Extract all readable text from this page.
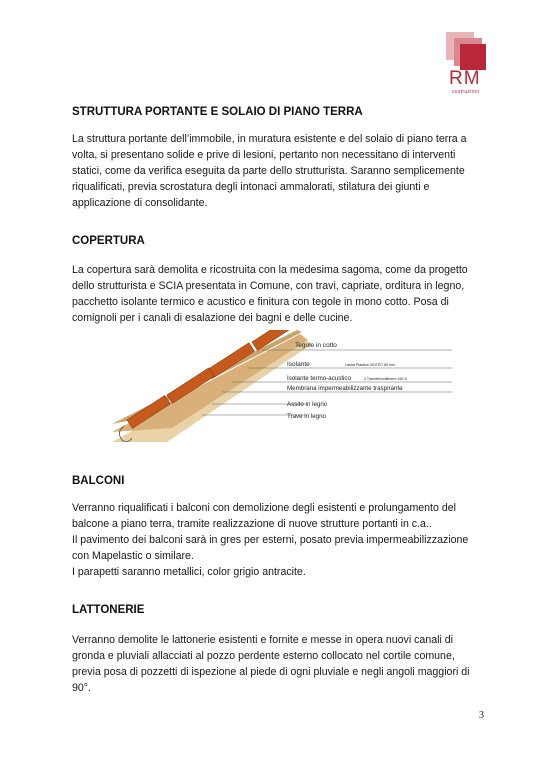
RM
costruzioni
STRUTTURA PORTANTE E SOLAIO DI PIANO TERRA
La struttura portante dell’immobile, in muratura esistente e del solaio di piano terra a
volta, si presentano solide e prive di lesioni, pertanto non necessitano di interventi
statici, come da verifica eseguita da parte dello strutturista. Saranno semplicemente
riqualificati, previa scrostatura degli intonaci ammalorati, stilatura dei giunti e
applicazione di consolidante.
COPERTURA
La copertura sarà demolita e ricostruita con la medesima sagoma, come da progetto
dello strutturista e SCIA presentata in Comune, con travi, capriate, orditura in legno,
pacchetto isolante termico e acustico e finitura con tegole in mono cotto. Posa di
comignoli per i canali di esalazione dei bagni e delle cucine.
Tegole in cotto
Isolante	Lastra Plastica ISOTEC 80 mm
Isolante termo-acustico	2 Travetti/multitherm 160 S
Membrana impermeabilizzante traspirante
Assito in legno
Trave in legno
BALCONI
Verranno riqualificati i balconi con demolizione degli esistenti e prolungamento del
balcone a piano terra, tramite realizzazione di nuove strutture portanti in c.a..
Il pavimento dei balconi sarà in gres per esterni, posato previa impermeabilizzazione
con Mapelastic o similare.
I parapetti saranno metallici, color grigio antracite.
LATTONERIE
Verranno demolite le lattonerie esistenti e fornite e messe in opera nuovi canali di
gronda e pluviali allacciati al pozzo perdente esterno collocato nel cortile comune,
previa posa di pozzetti di ispezione al piede di ogni pluviale e negli angoli maggiori di
90°.
3
